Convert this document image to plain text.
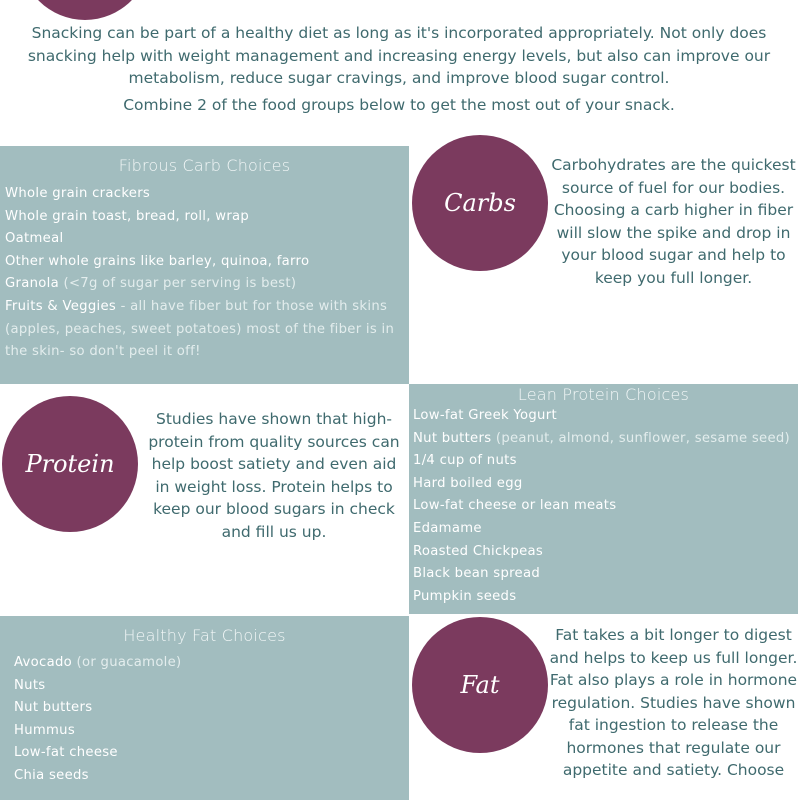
Snacking can be part of a healthy diet as long as it's incorporated appropriately. Not only does snacking help with weight management and increasing energy levels, but also can improve our metabolism, reduce sugar cravings, and improve blood sugar control.

Combine 2 of the food groups below to get the most out of your snack.

Fibrous Carb Choices
Whole grain crackers
Whole grain toast, bread, roll, wrap
Oatmeal
Other whole grains like barley, quinoa, farro
Granola (<7g of sugar per serving is best)
Fruits & Veggies - all have fiber but for those with skins (apples, peaches, sweet potatoes) most of the fiber is in the skin- so don't peel it off!
Carbs
Carbohydrates are the quickest source of fuel for our bodies. Choosing a carb higher in fiber will slow the spike and drop in your blood sugar and help to keep you full longer.
Protein
Studies have shown that high-protein from quality sources can help boost satiety and even aid in weight loss. Protein helps to keep our blood sugars in check and fill us up.
Lean Protein Choices
Low-fat Greek Yogurt
Nut butters (peanut, almond, sunflower, sesame seed)
1/4 cup of nuts
Hard boiled egg
Low-fat cheese or lean meats
Edamame
Roasted Chickpeas
Black bean spread
Pumpkin seeds
Healthy Fat Choices
Avocado (or guacamole)
Nuts
Nut butters
Hummus
Low-fat cheese
Chia seeds
Fat
Fat takes a bit longer to digest and helps to keep us full longer. Fat also plays a role in hormone regulation. Studies have shown fat ingestion to release the hormones that regulate our appetite and satiety. Choose
